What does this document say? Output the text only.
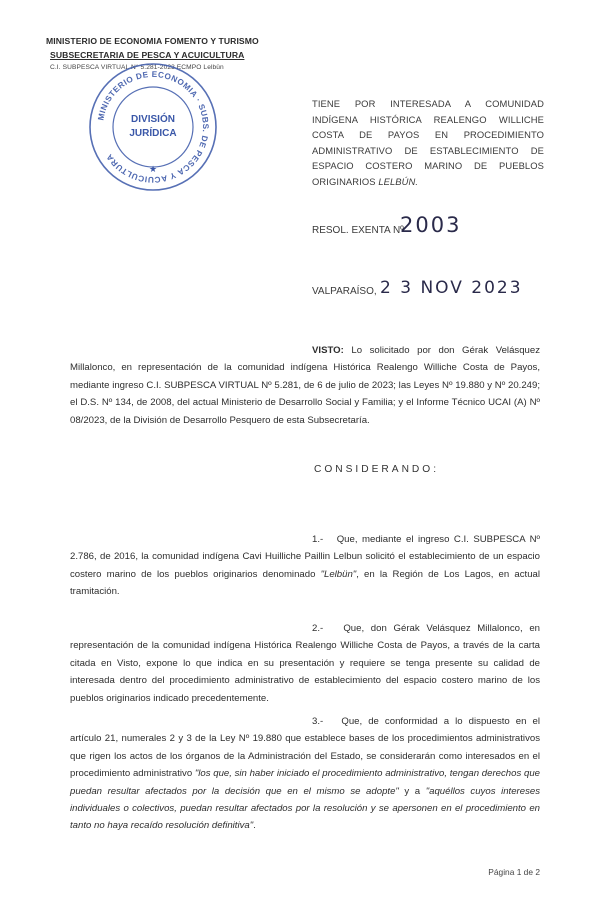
MINISTERIO DE ECONOMIA FOMENTO Y TURISMO
SUBSECRETARIA DE PESCA Y ACUICULTURA
C.I. SUBPESCA VIRTUAL N° 5.281-2023 ECMPO Lelbün
MINISTERIO DE ECONOMIA · SUBS. DE PESCA Y ACUICULTURA
DIVISIÓN
JURÍDICA
★
TIENE POR INTERESADA A COMUNIDAD INDÍGENA HISTÓRICA REALENGO WILLICHE COSTA DE PAYOS EN PROCEDIMIENTO ADMINISTRATIVO DE ESTABLECIMIENTO DE ESPACIO COSTERO MARINO DE PUEBLOS ORIGINARIOS LELBÚN.
RESOL. EXENTA Nº
2003
VALPARAÍSO, 2 3 NOV 2023
VISTO: Lo solicitado por don Gérak Velásquez Millalonco, en representación de la comunidad indígena Histórica Realengo Williche Costa de Payos, mediante ingreso C.I. SUBPESCA VIRTUAL Nº 5.281, de 6 de julio de 2023; las Leyes Nº 19.880 y Nº 20.249; el D.S. Nº 134, de 2008, del actual Ministerio de Desarrollo Social y Familia; y el Informe Técnico UCAI (A) Nº 08/2023, de la División de Desarrollo Pesquero de esta Subsecretaría.
CONSIDERANDO:
1.- Que, mediante el ingreso C.I. SUBPESCA Nº 2.786, de 2016, la comunidad indígena Cavi Huilliche Paillin Lelbun solicitó el establecimiento de un espacio costero marino de los pueblos originarios denominado "Lelbün", en la Región de Los Lagos, en actual tramitación.
2.- Que, don Gérak Velásquez Millalonco, en representación de la comunidad indígena Histórica Realengo Williche Costa de Payos, a través de la carta citada en Visto, expone lo que indica en su presentación y requiere se tenga presente su calidad de interesada dentro del procedimiento administrativo de establecimiento del espacio costero marino de los pueblos originarios indicado precedentemente.
3.- Que, de conformidad a lo dispuesto en el artículo 21, numerales 2 y 3 de la Ley Nº 19.880 que establece bases de los procedimientos administrativos que rigen los actos de los órganos de la Administración del Estado, se considerarán como interesados en el procedimiento administrativo "los que, sin haber iniciado el procedimiento administrativo, tengan derechos que puedan resultar afectados por la decisión que en el mismo se adopte" y a "aquéllos cuyos intereses individuales o colectivos, puedan resultar afectados por la resolución y se apersonen en el procedimiento en tanto no haya recaído resolución definitiva".
Página 1 de 2
